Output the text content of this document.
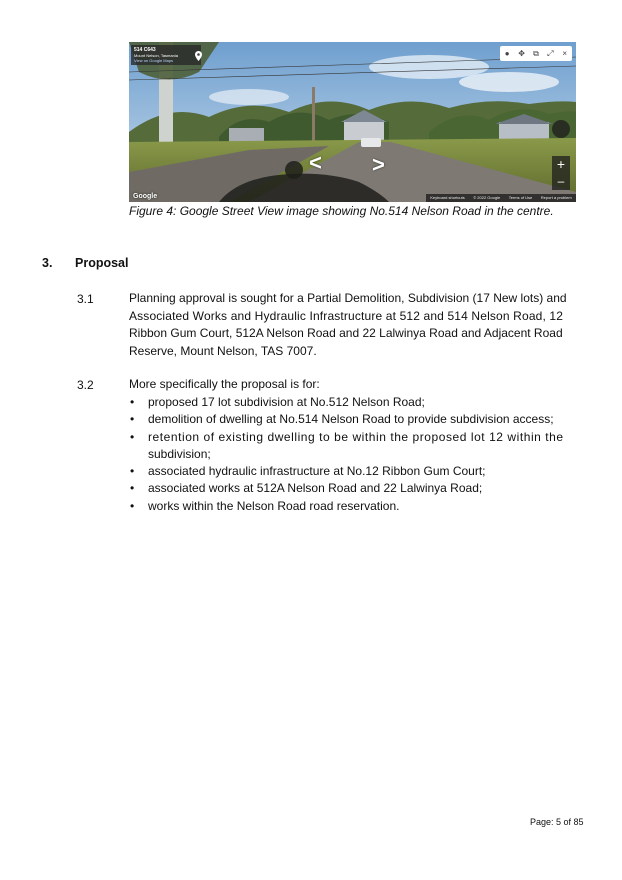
514 C643
Mount Nelson, Tasmania
View on Google Maps
● ✥ ⧉ ⤢ ×
+
–
< >
Google	Keyboard shortcuts © 2022 Google Terms of Use Report a problem
Figure 4: Google Street View image showing No.514 Nelson Road in the centre.
3. Proposal
3.1	Planning approval is sought for a Partial Demolition, Subdivision (17 New lots) and
Associated Works and Hydraulic Infrastructure at 512 and 514 Nelson Road, 12
Ribbon Gum Court, 512A Nelson Road and 22 Lalwinya Road and Adjacent Road
Reserve, Mount Nelson, TAS 7007.
3.2	More specifically the proposal is for:
• proposed 17 lot subdivision at No.512 Nelson Road;
• demolition of dwelling at No.514 Nelson Road to provide subdivision access;
• retention of existing dwelling to be within the proposed lot 12 within the
subdivision;
• associated hydraulic infrastructure at No.12 Ribbon Gum Court;
• associated works at 512A Nelson Road and 22 Lalwinya Road;
• works within the Nelson Road road reservation.
Page: 5 of 85
